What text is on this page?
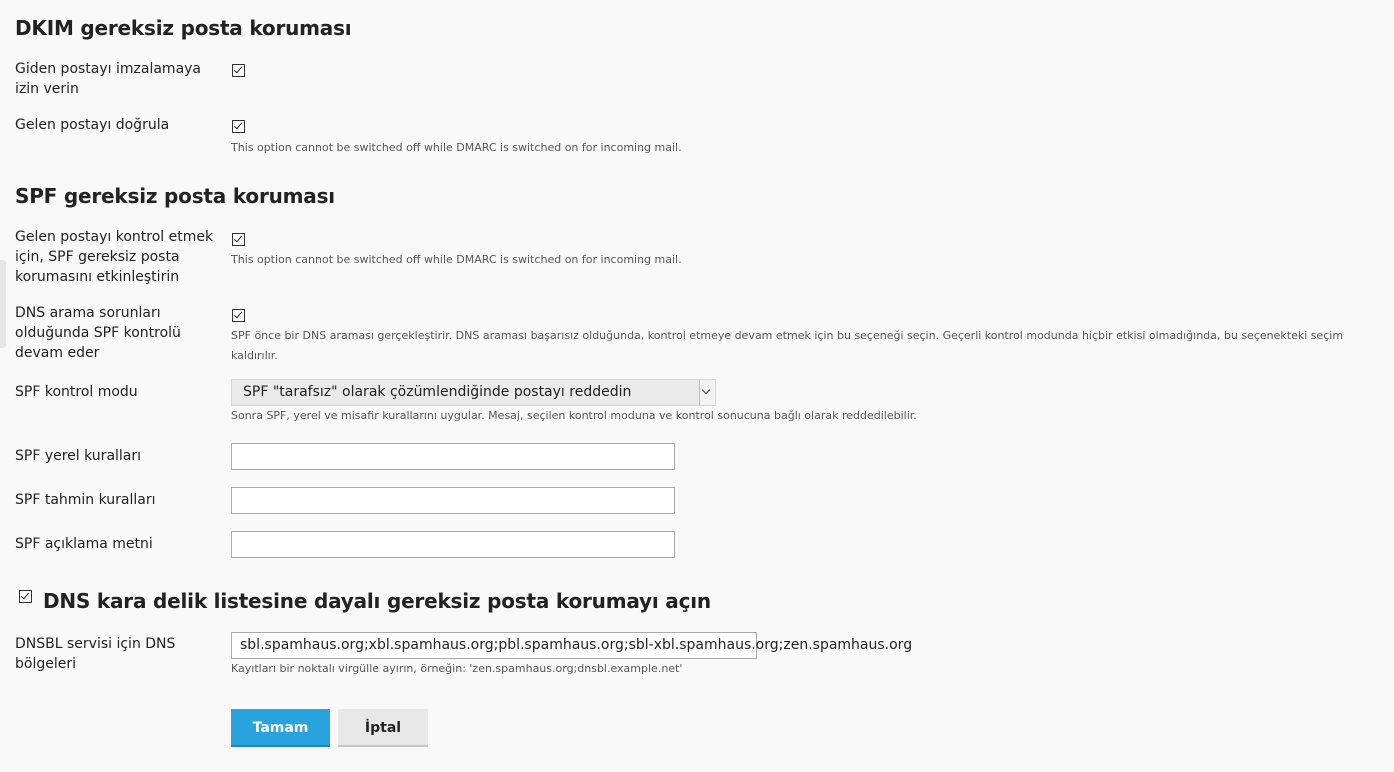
DKIM gereksiz posta koruması
Giden postayı imzalamaya izin verin
Gelen postayı doğrula
This option cannot be switched off while DMARC is switched on for incoming mail.
SPF gereksiz posta koruması
Gelen postayı kontrol etmek için, SPF gereksiz posta korumasını etkinleştirin
This option cannot be switched off while DMARC is switched on for incoming mail.
DNS arama sorunları olduğunda SPF kontrolü devam eder
SPF önce bir DNS araması gerçekleştirir. DNS araması başarısız olduğunda, kontrol etmeye devam etmek için bu seçeneği seçin. Geçerli kontrol modunda hiçbir etkisi olmadığında, bu seçenekteki seçim kaldırılır.
SPF kontrol modu	SPF "tarafsız" olarak çözümlendiğinde postayı reddedin
Sonra SPF, yerel ve misafir kurallarını uygular. Mesaj, seçilen kontrol moduna ve kontrol sonucuna bağlı olarak reddedilebilir.
SPF yerel kuralları
SPF tahmin kuralları
SPF açıklama metni
DNS kara delik listesine dayalı gereksiz posta korumayı açın
DNSBL servisi için DNS bölgeleri
sbl.spamhaus.org;xbl.spamhaus.org;pbl.spamhaus.org;sbl-xbl.spamhaus.org;zen.spamhaus.org
Kayıtları bir noktalı virgülle ayırın, örneğin: 'zen.spamhaus.org;dnsbl.example.net'
Tamam	İptal
